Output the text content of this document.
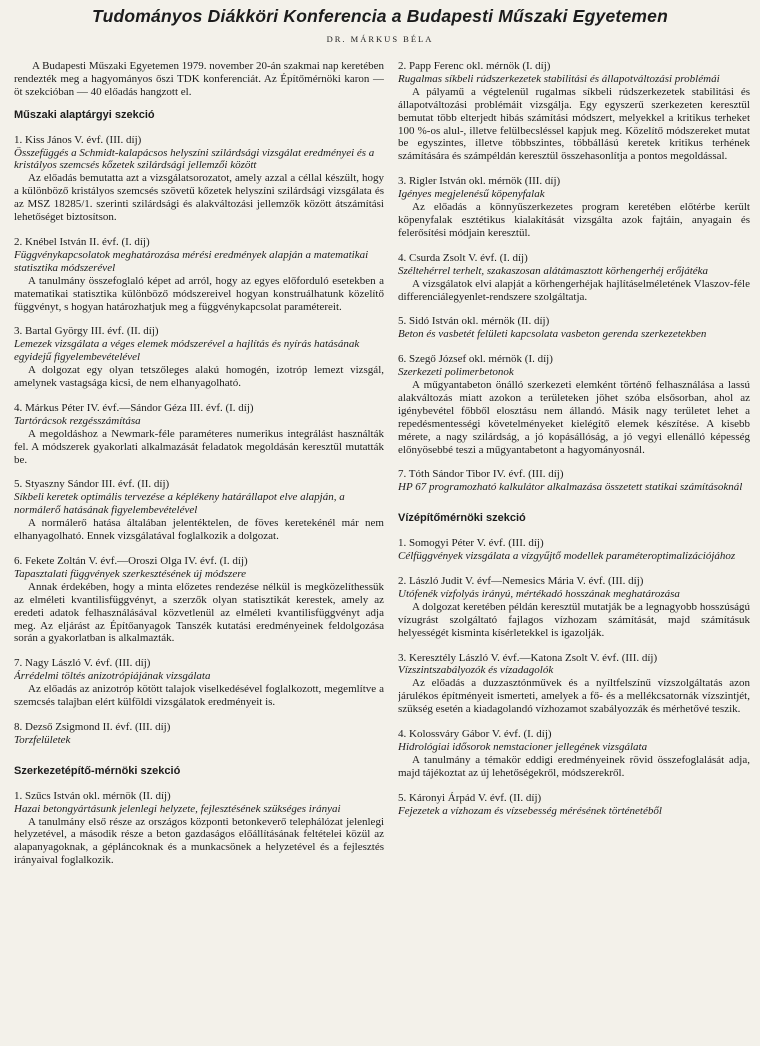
Tudományos Diákköri Konferencia a Budapesti Műszaki Egyetemen
DR. MÁRKUS BÉLA

A Budapesti Műszaki Egyetemen 1979. november 20-án szakmai nap keretében rendezték meg a hagyományos őszi TDK konferenciát. Az Építőmérnöki karon — öt szekcióban — 40 előadás hangzott el.

Műszaki alaptárgyi szekció

1. Kiss János V. évf. (III. díj)

Összefüggés a Schmidt-kalapácsos helyszíni szilárdsági vizsgálat eredményei és a kristályos szemcsés kőzetek szilárdsági jellemzői között

Az előadás bemutatta azt a vizsgálatsorozatot, amely azzal a céllal készült, hogy a különböző kristályos szemcsés szövetű kőzetek helyszíni szilárdsági vizsgálata és az MSZ 18285/1. szerinti szilárdsági és alakváltozási jellemzők között átszámítási lehetőséget biztosítson.

2. Knébel István II. évf. (I. díj)

Függvénykapcsolatok meghatározása mérési eredmények alapján a matematikai statisztika módszerével

A tanulmány összefoglaló képet ad arról, hogy az egyes előforduló esetekben a matematikai statisztika különböző módszereivel hogyan konstruálhatunk közelítő függvényt, s hogyan határozhatjuk meg a függvénykapcsolat paramétereit.

3. Bartal György III. évf. (II. díj)

Lemezek vizsgálata a véges elemek módszerével a hajlítás és nyírás hatásának egyidejű figyelembevételével

A dolgozat egy olyan tetszőleges alakú homogén, izotróp lemezt vizsgál, amelynek vastagsága kicsi, de nem elhanyagolható.

4. Márkus Péter IV. évf.—Sándor Géza III. évf. (I. díj)

Tartórácsok rezgésszámítása

A megoldáshoz a Newmark-féle paraméteres numerikus integrálást használták fel. A módszerek gyakorlati alkalmazását feladatok megoldásán keresztül mutatták be.

5. Styaszny Sándor III. évf. (II. díj)

Síkbeli keretek optimális tervezése a képlékeny határállapot elve alapján, a normálerő hatásának figyelembevételével

A normálerő hatása általában jelentéktelen, de föves keretekénél már nem elhanyagolható. Ennek vizsgálatával foglalkozik a dolgozat.

6. Fekete Zoltán V. évf.—Oroszi Olga IV. évf. (I. díj)

Tapasztalati függvények szerkesztésének új módszere

Annak érdekében, hogy a minta előzetes rendezése nélkül is megközelíthessük az elméleti kvantilisfüggvényt, a szerzők olyan statisztikát kerestek, amely az eredeti adatok felhasználásával közvetlenül az elméleti kvantilisfüggvényt adja meg. Az eljárást az Építőanyagok Tanszék kutatási eredményeinek feldolgozása során a gyakorlatban is alkalmazták.

7. Nagy László V. évf. (III. díj)

Árrédelmi töltés anizotrópiájának vizsgálata

Az előadás az anizotróp kötött talajok viselkedésével foglalkozott, megemlítve a szemcsés talajban elért külföldi vizsgálatok eredményeit is.

8. Dezső Zsigmond II. évf. (III. díj)

Torzfelületek

Szerkezetépítő-mérnöki szekció

1. Szűcs István okl. mérnök (II. díj)

Hazai betongyártásunk jelenlegi helyzete, fejlesztésének szükséges irányai

A tanulmány első része az országos központi betonkeverő telephálózat jelenlegi helyzetével, a második része a beton gazdaságos előállításának feltételei közül az alapanyagoknak, a gépláncoknak és a munkacsönek a helyzetével és a fejlesztés irányaival foglalkozik.

2. Papp Ferenc okl. mérnök (I. díj)

Rugalmas síkbeli rúdszerkezetek stabilitási és állapotváltozási problémái

A pályamű a végtelenül rugalmas síkbeli rúdszerkezetek stabilitási és állapotváltozási problémáit vizsgálja. Egy egyszerű szerkezeten keresztül bemutat több elterjedt hibás számítási módszert, melyekkel a kritikus terheket 100 %-os alul-, illetve felülbecsléssel kapjuk meg. Közelítő módszereket mutat be egyszintes, illetve többszintes, többállású keretek kritikus terhének számítására és számpéldán keresztül összehasonlítja a pontos megoldással.

3. Rigler István okl. mérnök (III. díj)

Igényes megjelenésű köpenyfalak

Az előadás a könnyűszerkezetes program keretében előtérbe került köpenyfalak esztétikus kialakítását vizsgálta azok fajtáin, anyagain és felerősítési módjain keresztül.

4. Csurda Zsolt V. évf. (I. díj)

Széltehérrel terhelt, szakaszosan alátámasztott körhengerhéj erőjátéka

A vizsgálatok elvi alapját a körhengerhéjak hajlításelméletének Vlaszov-féle differenciálegyenlet-rendszere szolgáltatja.

5. Sidó István okl. mérnök (II. díj)

Beton és vasbetét felületi kapcsolata vasbeton gerenda szerkezetekben

6. Szegő József okl. mérnök (I. díj)

Szerkezeti polimerbetonok

A műgyantabeton önálló szerkezeti elemként történő felhasználása a lassú alakváltozás miatt azokon a területeken jöhet szóba elsősorban, ahol az igénybevétel főbből elosztásu nem állandó. Másik nagy területet lehet a repedésmentességi követelményeket kielégítő elemek készítése. A kisebb mérete, a nagy szilárdság, a jó kopásállóság, a jó vegyi ellenálló képesség előnyösebbé teszi a műgyantabetont a hagyományosnál.

7. Tóth Sándor Tibor IV. évf. (III. díj)

HP 67 programozható kalkulátor alkalmazása összetett statikai számításoknál

Vízépítőmérnöki szekció

1. Somogyi Péter V. évf. (III. díj)

Célfüggvények vizsgálata a vízgyűjtő modellek paraméteroptimalizációjához

2. László Judit V. évf—Nemesics Mária V. évf. (III. díj)

Utófenék vízfolyás irányú, mértékadó hosszának meghatározása

A dolgozat keretében példán keresztül mutatják be a legnagyobb hosszúságú vízugrást szolgáltató fajlagos vízhozam számítását, majd számításuk helyességét kisminta kísérletekkel is igazolják.

3. Keresztély László V. évf.—Katona Zsolt V. évf. (III. díj)

Vízszintszabályozók és vízadagolók

Az előadás a duzzasztónművek és a nyíltfelszínű vízszolgáltatás azon járulékos építményeit ismerteti, amelyek a fő- és a mellékcsatornák vízszintjét, szükség esetén a kiadagolandó vízhozamot szabályozzák és mérhetővé teszik.

4. Kolossváry Gábor V. évf. (I. díj)

Hidrológiai idősorok nemstacioner jellegének vizsgálata

A tanulmány a témakör eddigi eredményeinek rövid összefoglalását adja, majd tájékoztat az új lehetőségekről, módszerekről.

5. Káronyi Árpád V. évf. (II. díj)

Fejezetek a vízhozam és vízsebesség mérésének történetéből
